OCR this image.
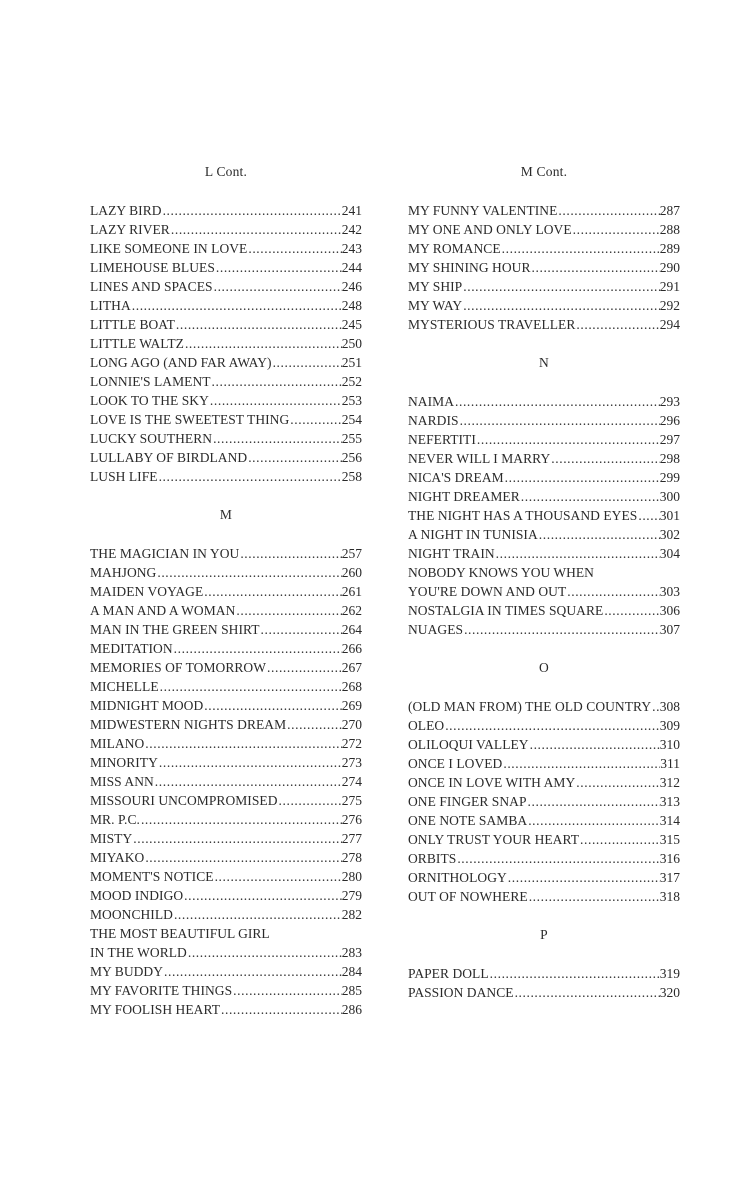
L Cont.
LAZY BIRD .....	241
LAZY RIVER .....	242
LIKE SOMEONE IN LOVE .....	243
LIMEHOUSE BLUES .....	244
LINES AND SPACES .....	246
LITHA .....	248
LITTLE BOAT .....	245
LITTLE WALTZ .....	250
LONG AGO (AND FAR AWAY) .....	251
LONNIE'S LAMENT .....	252
LOOK TO THE SKY .....	253
LOVE IS THE SWEETEST THING .....	254
LUCKY SOUTHERN .....	255
LULLABY OF BIRDLAND .....	256
LUSH LIFE .....	258
M
THE MAGICIAN IN YOU .....	257
MAHJONG .....	260
MAIDEN VOYAGE .....	261
A MAN AND A WOMAN .....	262
MAN IN THE GREEN SHIRT .....	264
MEDITATION .....	266
MEMORIES OF TOMORROW .....	267
MICHELLE .....	268
MIDNIGHT MOOD .....	269
MIDWESTERN NIGHTS DREAM .....	270
MILANO .....	272
MINORITY .....	273
MISS ANN .....	274
MISSOURI UNCOMPROMISED .....	275
MR. P.C. .....	276
MISTY .....	277
MIYAKO .....	278
MOMENT'S NOTICE .....	280
MOOD INDIGO .....	279
MOONCHILD .....	282
THE MOST BEAUTIFUL GIRL
IN THE WORLD .....	283
MY BUDDY .....	284
MY FAVORITE THINGS .....	285
MY FOOLISH HEART .....	286
M Cont.
MY FUNNY VALENTINE .....	287
MY ONE AND ONLY LOVE .....	288
MY ROMANCE .....	289
MY SHINING HOUR .....	290
MY SHIP .....	291
MY WAY .....	292
MYSTERIOUS TRAVELLER .....	294
N
NAIMA .....	293
NARDIS .....	296
NEFERTITI .....	297
NEVER WILL I MARRY .....	298
NICA'S DREAM .....	299
NIGHT DREAMER .....	300
THE NIGHT HAS A THOUSAND EYES ..... 301
A NIGHT IN TUNISIA .....	302
NIGHT TRAIN .....	304
NOBODY KNOWS YOU WHEN
YOU'RE DOWN AND OUT .....	303
NOSTALGIA IN TIMES SQUARE .....	306
NUAGES .....	307
O
(OLD MAN FROM) THE OLD COUNTRY ..... 308
OLEO .....	309
OLILOQUI VALLEY .....	310
ONCE I LOVED .....	311
ONCE IN LOVE WITH AMY .....	312
ONE FINGER SNAP .....	313
ONE NOTE SAMBA .....	314
ONLY TRUST YOUR HEART .....	315
ORBITS .....	316
ORNITHOLOGY .....	317
OUT OF NOWHERE .....	318
P
PAPER DOLL .....	319
PASSION DANCE .....	320
